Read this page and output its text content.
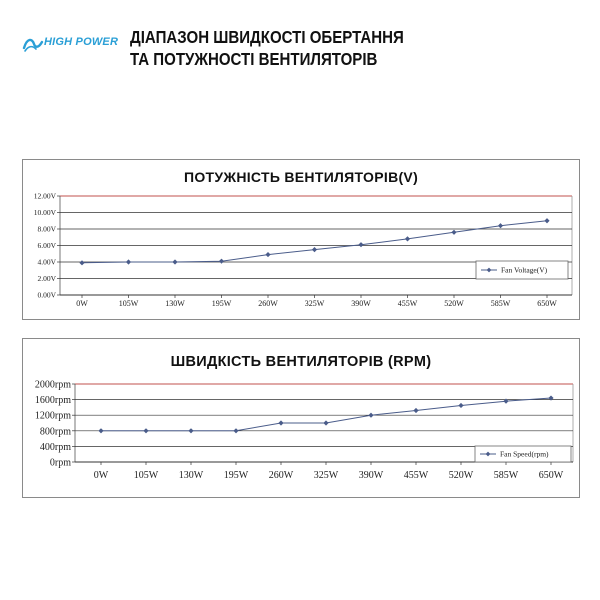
HIGH POWER ДІАПАЗОН ШВИДКОСТІ ОБЕРТАННЯ
ТА ПОТУЖНОСТІ ВЕНТИЛЯТОРІВ
ПОТУЖНІСТЬ ВЕНТИЛЯТОРІВ(V)
0.00V
2.00V
4.00V
6.00V
8.00V
10.00V
12.00V
0W	105W	130W	195W	260W	325W	390W	455W	520W	585W	650W
Fan Voltage(V)
ШВИДКІСТЬ ВЕНТИЛЯТОРІВ (RPM)
0rpm
400rpm
800rpm
1200rpm
1600rpm
2000rpm
0W	105W 130W 195W 260W 325W 390W 455W 520W 585W 650W
Fan Speed(rpm)
